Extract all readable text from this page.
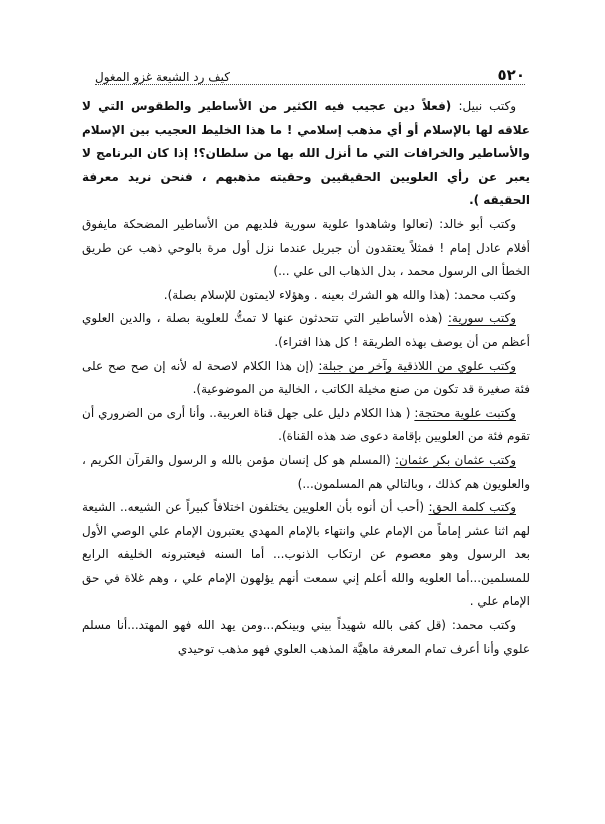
٥٢٠
كيف رد الشيعة غزو المغول

وكتب نبيل: (فعلاً دين عجيب فيه الكثير من الأساطير والطقوس التي لا علاقه لها بالإسلام أو أي مذهب إسلامي ! ما هذا الخليط العجيب بين الإسلام والأساطير والخرافات التي ما أنزل الله بها من سلطان؟! إذا كان البرنامج لا يعبر عن رأي العلويين الحقيقيين وحقيته مذهبهم ، فنحن نريد معرفة الحقيقه ).

وكتب أبو خالد: (تعالوا وشاهدوا علوية سورية فلديهم من الأساطير المضحكة مايفوق أفلام عادل إمام ! فمثلاً يعتقدون أن جبريل عندما نزل أول مرة بالوحي ذهب عن طريق الخطأ الى الرسول محمد ، بدل الذهاب الى علي ...)

وكتب محمد: (هذا والله هو الشرك بعينه . وهؤلاء لايمتون للإسلام بصلة).

وكتب سورية: (هذه الأساطير التي تتحدثون عنها لا تمتُّ للعلوية بصلة ، والدين العلوي أعظم من أن يوصف بهذه الطريقة ! كل هذا افتراء).

وكتب علوي من اللاذقية وآخر من جبلة: (إن هذا الكلام لاصحة له لأنه إن صح صح على فئة صغيرة قد تكون من صنع مخيلة الكاتب ، الخالية من الموضوعية).

وكتبت علوية محتجة: ( هذا الكلام دليل على جهل قناة العربية.. وأنا أرى من الضروري أن تقوم فئة من العلويين بإقامة دعوى ضد هذه القناة).

وكتب عثمان بكر عثمان: (المسلم هو كل إنسان مؤمن بالله و الرسول والقرآن الكريم ، والعلويون هم كذلك ، وبالتالي هم المسلمون...)

وكتب كلمة الحق: (أحب أن أنوه بأن العلويين يختلفون اختلافاً كبيراً عن الشيعه.. الشيعة لهم اثنا عشر إماماً من الإمام علي وانتهاء بالإمام المهدي يعتبرون الإمام علي الوصي الأول بعد الرسول وهو معصوم عن ارتكاب الذنوب... أما السنه فيعتبرونه الخليفه الرابع للمسلمين...أما العلويه والله أعلم إني سمعت أنهم يؤلهون الإمام علي ، وهم غلاة في حق الإمام علي .

وكتب محمد: (قل كفى بالله شهيداً بيني وبينكم...ومن يهد الله فهو المهتد...أنا مسلم علوي وأنا أعرف تمام المعرفة ماهيَّة المذهب العلوي فهو مذهب توحيدي
